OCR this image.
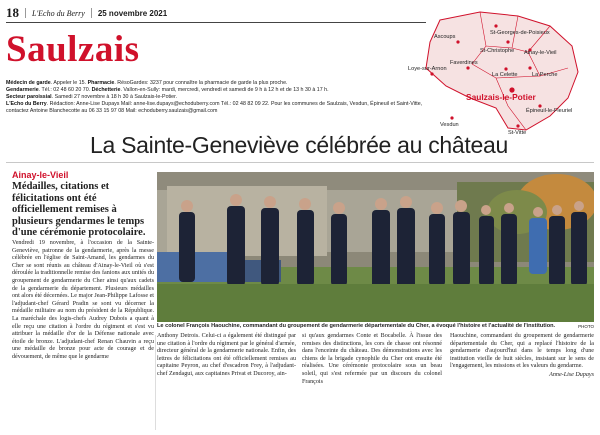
18 L'Echo du Berry 25 novembre 2021
Saulzais
Médecin de garde. Appeler le 15. Pharmacie. RésoGardes: 3237 pour connaître la pharmacie de garde la plus proche.
Gendarmerie. Tél.: 02 48 60 20 70. Déchetterie. Vallon-en-Sully: mardi, mercredi, vendredi et samedi de 9 h à 12 h et de 13 h 30 à 17 h.
Secteur paroissial. Samedi 27 novembre à 18 h 30 à Saulzais-le-Potier.
L'Echo du Berry. Rédaction: Anne-Lise Dupays Mail: anne-lise.dupays@echoduberry.com Tél.: 02 48 82 09 22. Pour les communes de Saulzais, Vesdun, Épineuil et Saint-Vitte, contactez Antoine Blanchecotte au 06 33 15 97 08 Mail: echoduberry.saulzais@gmail.com
St-Georges-de-Poisieux
Ascoups
St-Christophe Ainay-le-Vieil
Loye-sur-Arnon
Faverdines
La Celette	La Perche
Saulzais-le-Potier
Épineuil-le-Fleuriel
Vesdun
St-Vitte
La Sainte-Geneviève célébrée au château
Ainay-le-Vieil
Médailles, citations et félicitations ont été officiellement remises à plusieurs gendarmes le temps d'une cérémonie protocolaire.
Le colonel François Haouchine, commandant du groupement de gendarmerie départementale du Cher, a évoqué l'histoire et l'actualité de l'institution.	PHOTO
Vendredi 19 novembre, à l'occasion de la Sainte-Geneviève, patronne de la gendarmerie, après la messe célébrée en l'église de Saint-Amand, les gendarmes du Cher se sont réunis au château d'Ainay-le-Vieil où s'est déroulée la traditionnelle remise des fanions aux unités du groupement de gendarmerie du Cher ainsi qu'aux cadets de la gendarmerie du département. Plusieurs médailles ont alors été décernées. Le major Jean-Philippe Lafosse et l'adjudant-chef Gérard Pradin se sont vu décerner la médaille militaire au nom du président de la République. La maréchale des logis-chefs Audrey Dubois a quant à elle reçu une citation à l'ordre du régiment et s'est vu attribuer la médaille d'or de la Défense nationale avec étoile de bronze. L'adjudant-chef Renan Chauvin a reçu une médaille de bronze pour acte de courage et de dévouement, de même que le gendarme
Anthony Detrois. Celui-ci a également été distingué par une citation à l'ordre du régiment par le général d'armée, directeur général de la gendarmerie nationale. Enfin, des lettres de félicitations ont été officiellement remises au capitaine Peyron, au chef d'escadron Frey, à l'adjudant-chef Zendagui, aux capitaines Privat et Ducoroy, ain-
si qu'aux gendarmes Conte et Bocabelle. À l'issue des remises des distinctions, les cors de chasse ont résonné dans l'enceinte du château. Des démonstrations avec les chiens de la brigade cynophile du Cher ont ensuite été réalisées. Une cérémonie protocolaire sous un beau soleil, qui s'est refermée par un discours du colonel François
Haouchine, commandant du groupement de gendarmerie départementale du Cher, qui a replacé l'histoire de la gendarmerie d'aujourd'hui dans le temps long d'une institution vieille de huit siècles, insistant sur le sens de l'engagement, les missions et les valeurs du gendarme.
Anne-Lise Dupays
